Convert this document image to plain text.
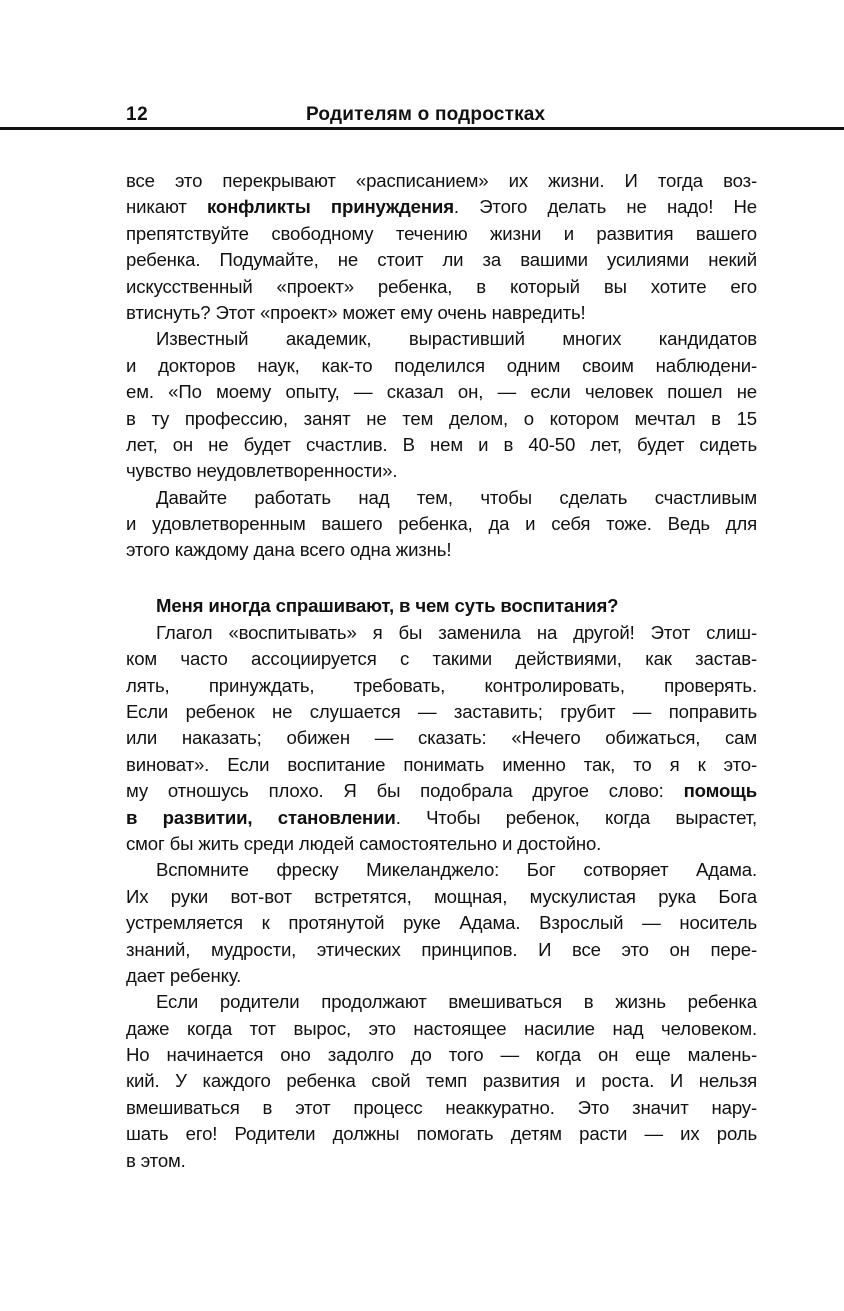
12	Родителям о подростках
все это перекрывают «расписанием» их жизни. И тогда воз-
никают конфликты принуждения. Этого делать не надо! Не
препятствуйте свободному течению жизни и развития вашего
ребенка. Подумайте, не стоит ли за вашими усилиями некий
искусственный «проект» ребенка, в который вы хотите его
втиснуть? Этот «проект» может ему очень навредить!
Известный академик, вырастивший многих кандидатов
и докторов наук, как-то поделился одним своим наблюдени-
ем. «По моему опыту, — сказал он, — если человек пошел не
в ту профессию, занят не тем делом, о котором мечтал в 15
лет, он не будет счастлив. В нем и в 40-50 лет, будет сидеть
чувство неудовлетворенности».
Давайте работать над тем, чтобы сделать счастливым
и удовлетворенным вашего ребенка, да и себя тоже. Ведь для
этого каждому дана всего одна жизнь!
Меня иногда спрашивают, в чем суть воспитания?
Глагол «воспитывать» я бы заменила на другой! Этот слиш-
ком часто ассоциируется с такими действиями, как застав-
лять, принуждать, требовать, контролировать, проверять.
Если ребенок не слушается — заставить; грубит — поправить
или наказать; обижен — сказать: «Нечего обижаться, сам
виноват». Если воспитание понимать именно так, то я к это-
му отношусь плохо. Я бы подобрала другое слово: помощь
в развитии, становлении. Чтобы ребенок, когда вырастет,
смог бы жить среди людей самостоятельно и достойно.
Вспомните фреску Микеланджело: Бог сотворяет Адама.
Их руки вот-вот встретятся, мощная, мускулистая рука Бога
устремляется к протянутой руке Адама. Взрослый — носитель
знаний, мудрости, этических принципов. И все это он пере-
дает ребенку.
Если родители продолжают вмешиваться в жизнь ребенка
даже когда тот вырос, это настоящее насилие над человеком.
Но начинается оно задолго до того — когда он еще малень-
кий. У каждого ребенка свой темп развития и роста. И нельзя
вмешиваться в этот процесс неаккуратно. Это значит нару-
шать его! Родители должны помогать детям расти — их роль
в этом.
